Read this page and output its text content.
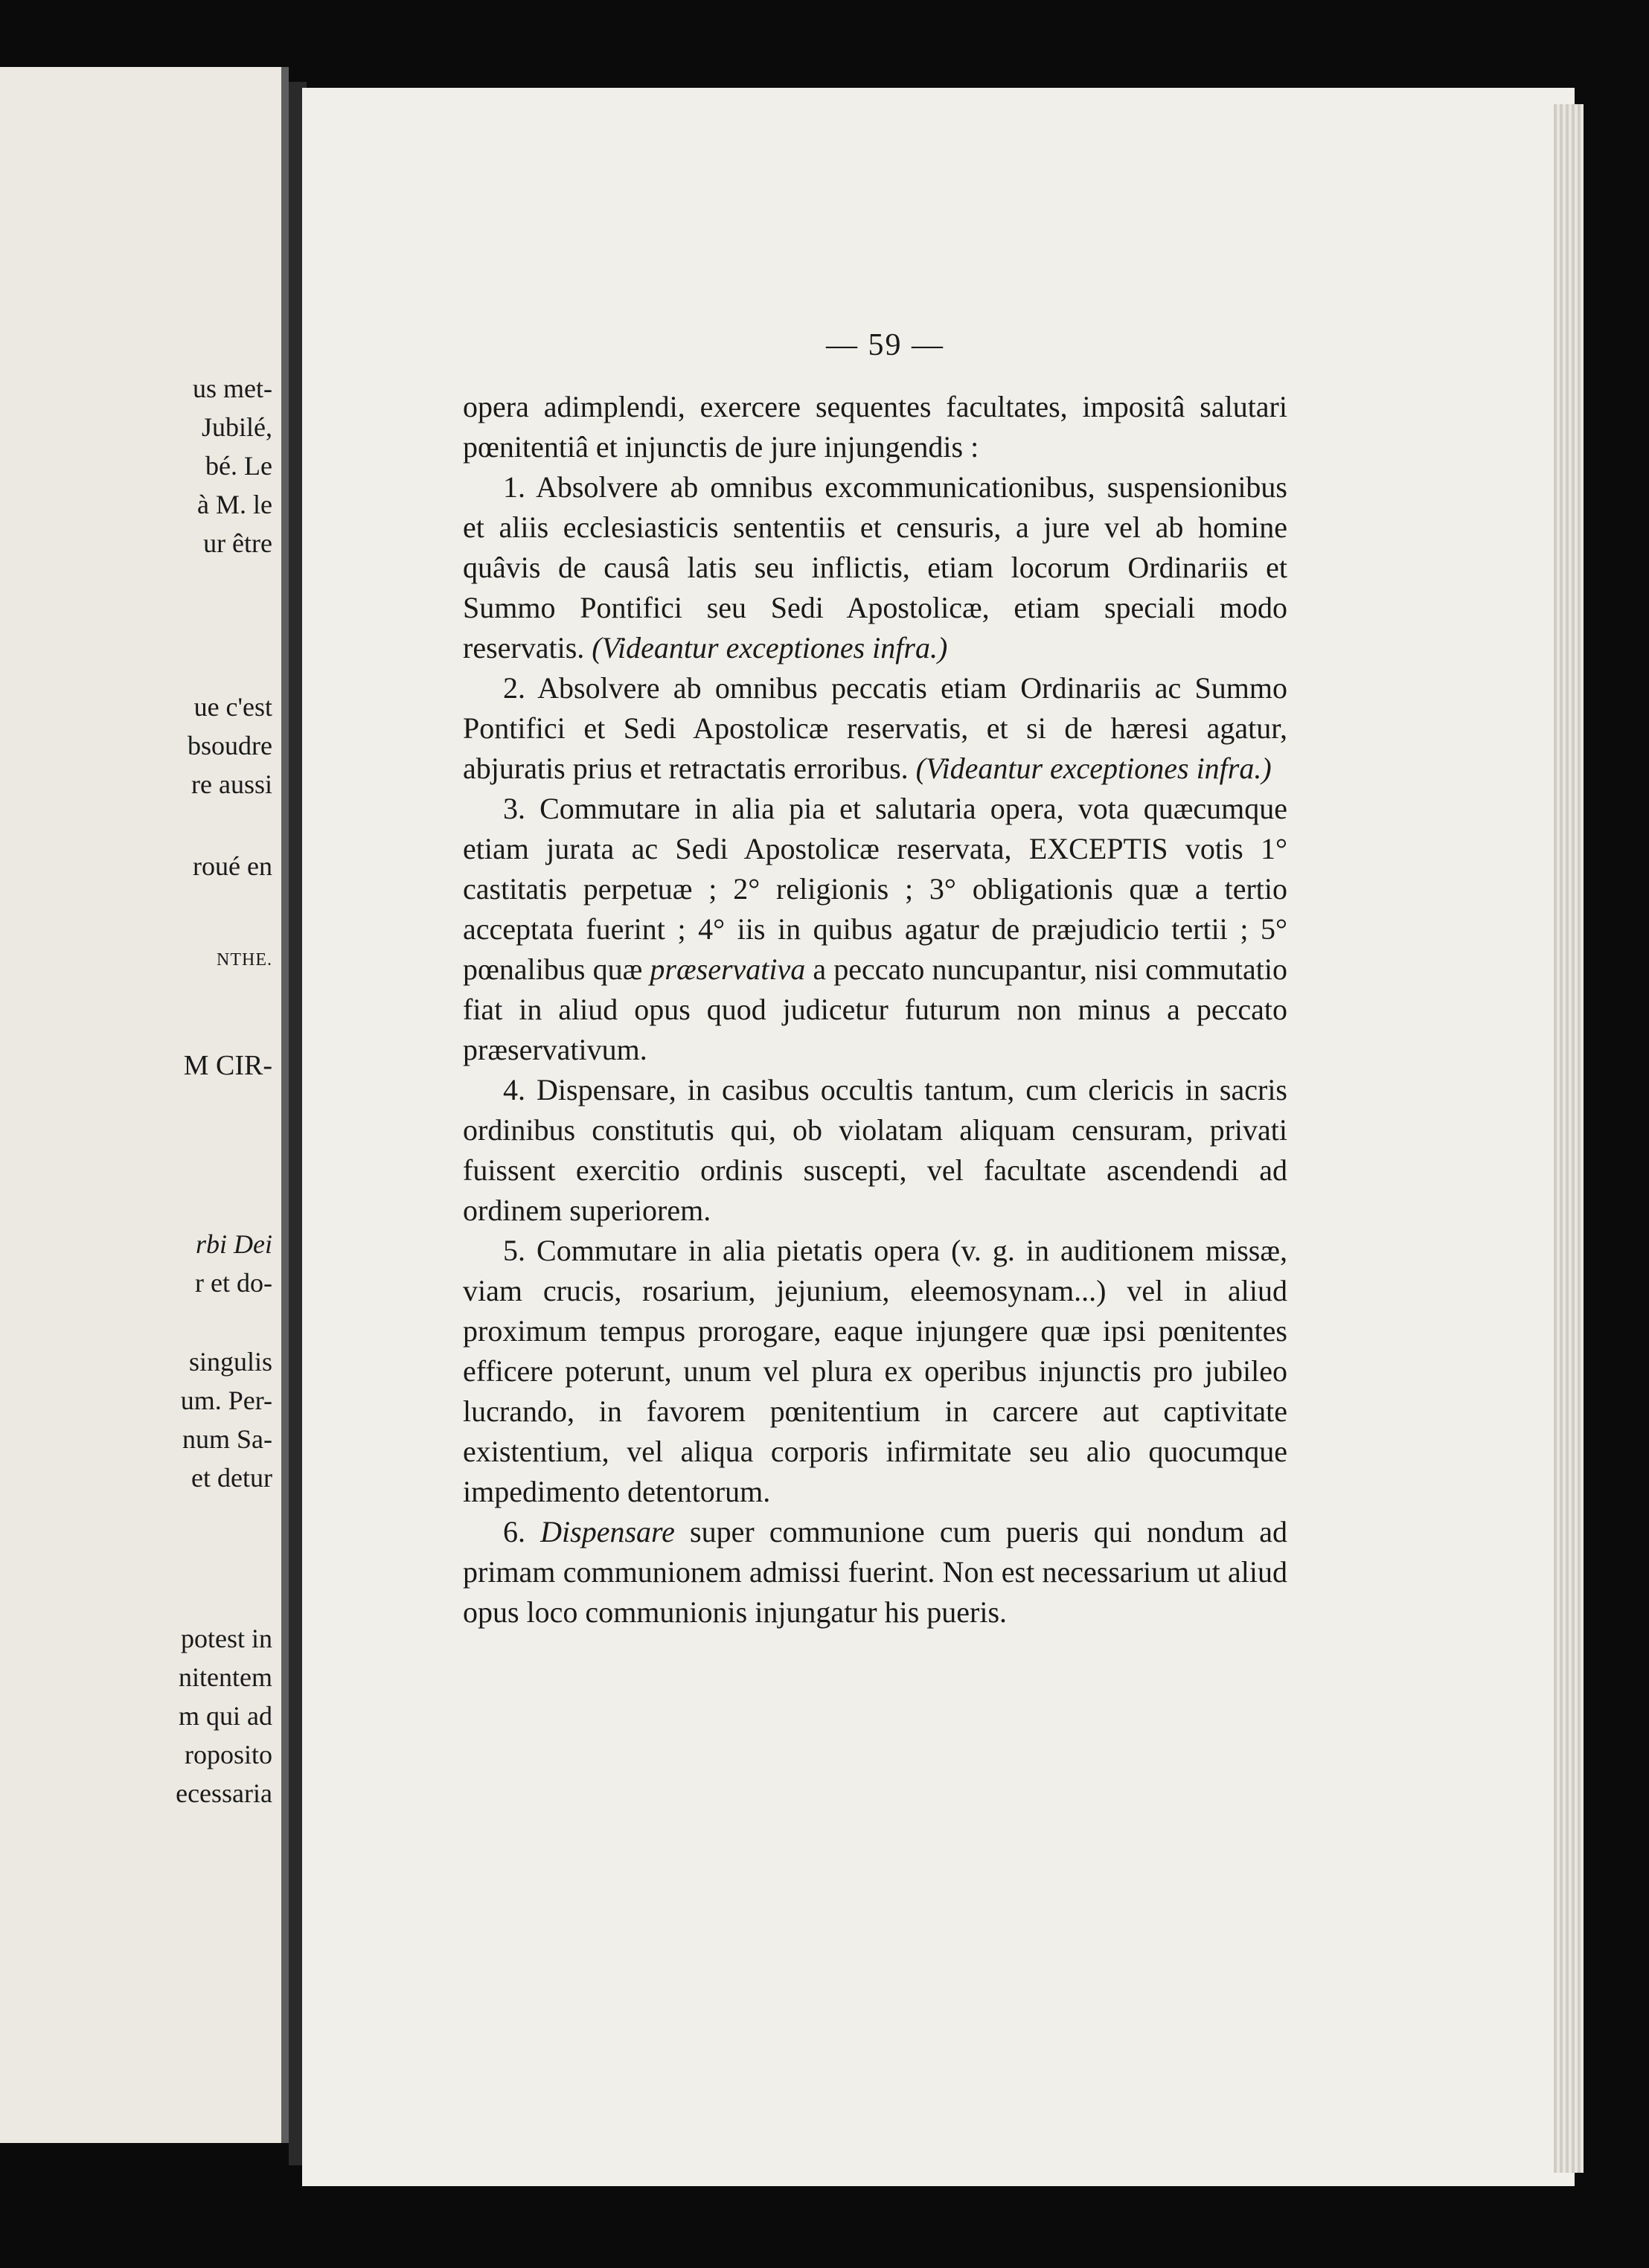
us met-
Jubilé,
bé. Le
à M. le
ur être
ue c'est
bsoudre
re aussi
roué en
NTHE.
M CIR-
rbi Dei
r et do-
singulis
um. Per-
num Sa-
et detur
potest in
nitentem
m qui ad
roposito
ecessaria
— 59 —

opera adimplendi, exercere sequentes facultates, impositâ salutari pœnitentiâ et injunctis de jure injungendis :

1. Absolvere ab omnibus excommunicationibus, suspensionibus et aliis ecclesiasticis sententiis et censuris, a jure vel ab homine quâvis de causâ latis seu inflictis, etiam locorum Ordinariis et Summo Pontifici seu Sedi Apostolicæ, etiam speciali modo reservatis. (Videantur exceptiones infra.)

2. Absolvere ab omnibus peccatis etiam Ordinariis ac Summo Pontifici et Sedi Apostolicæ reservatis, et si de hæresi agatur, abjuratis prius et retractatis erroribus. (Videantur exceptiones infra.)

3. Commutare in alia pia et salutaria opera, vota quæcumque etiam jurata ac Sedi Apostolicæ reservata, EXCEPTIS votis 1° castitatis perpetuæ ; 2° religionis ; 3° obligationis quæ a tertio acceptata fuerint ; 4° iis in quibus agatur de præjudicio tertii ; 5° pœnalibus quæ præservativa a peccato nuncupantur, nisi commutatio fiat in aliud opus quod judicetur futurum non minus a peccato præservativum.

4. Dispensare, in casibus occultis tantum, cum clericis in sacris ordinibus constitutis qui, ob violatam aliquam censuram, privati fuissent exercitio ordinis suscepti, vel facultate ascendendi ad ordinem superiorem.

5. Commutare in alia pietatis opera (v. g. in auditionem missæ, viam crucis, rosarium, jejunium, eleemosynam...) vel in aliud proximum tempus prorogare, eaque injungere quæ ipsi pœnitentes efficere poterunt, unum vel plura ex operibus injunctis pro jubileo lucrando, in favorem pœnitentium in carcere aut captivitate existentium, vel aliqua corporis infirmitate seu alio quocumque impedimento detentorum.

6. Dispensare super communione cum pueris qui nondum ad primam communionem admissi fuerint. Non est necessarium ut aliud opus loco communionis injungatur his pueris.
